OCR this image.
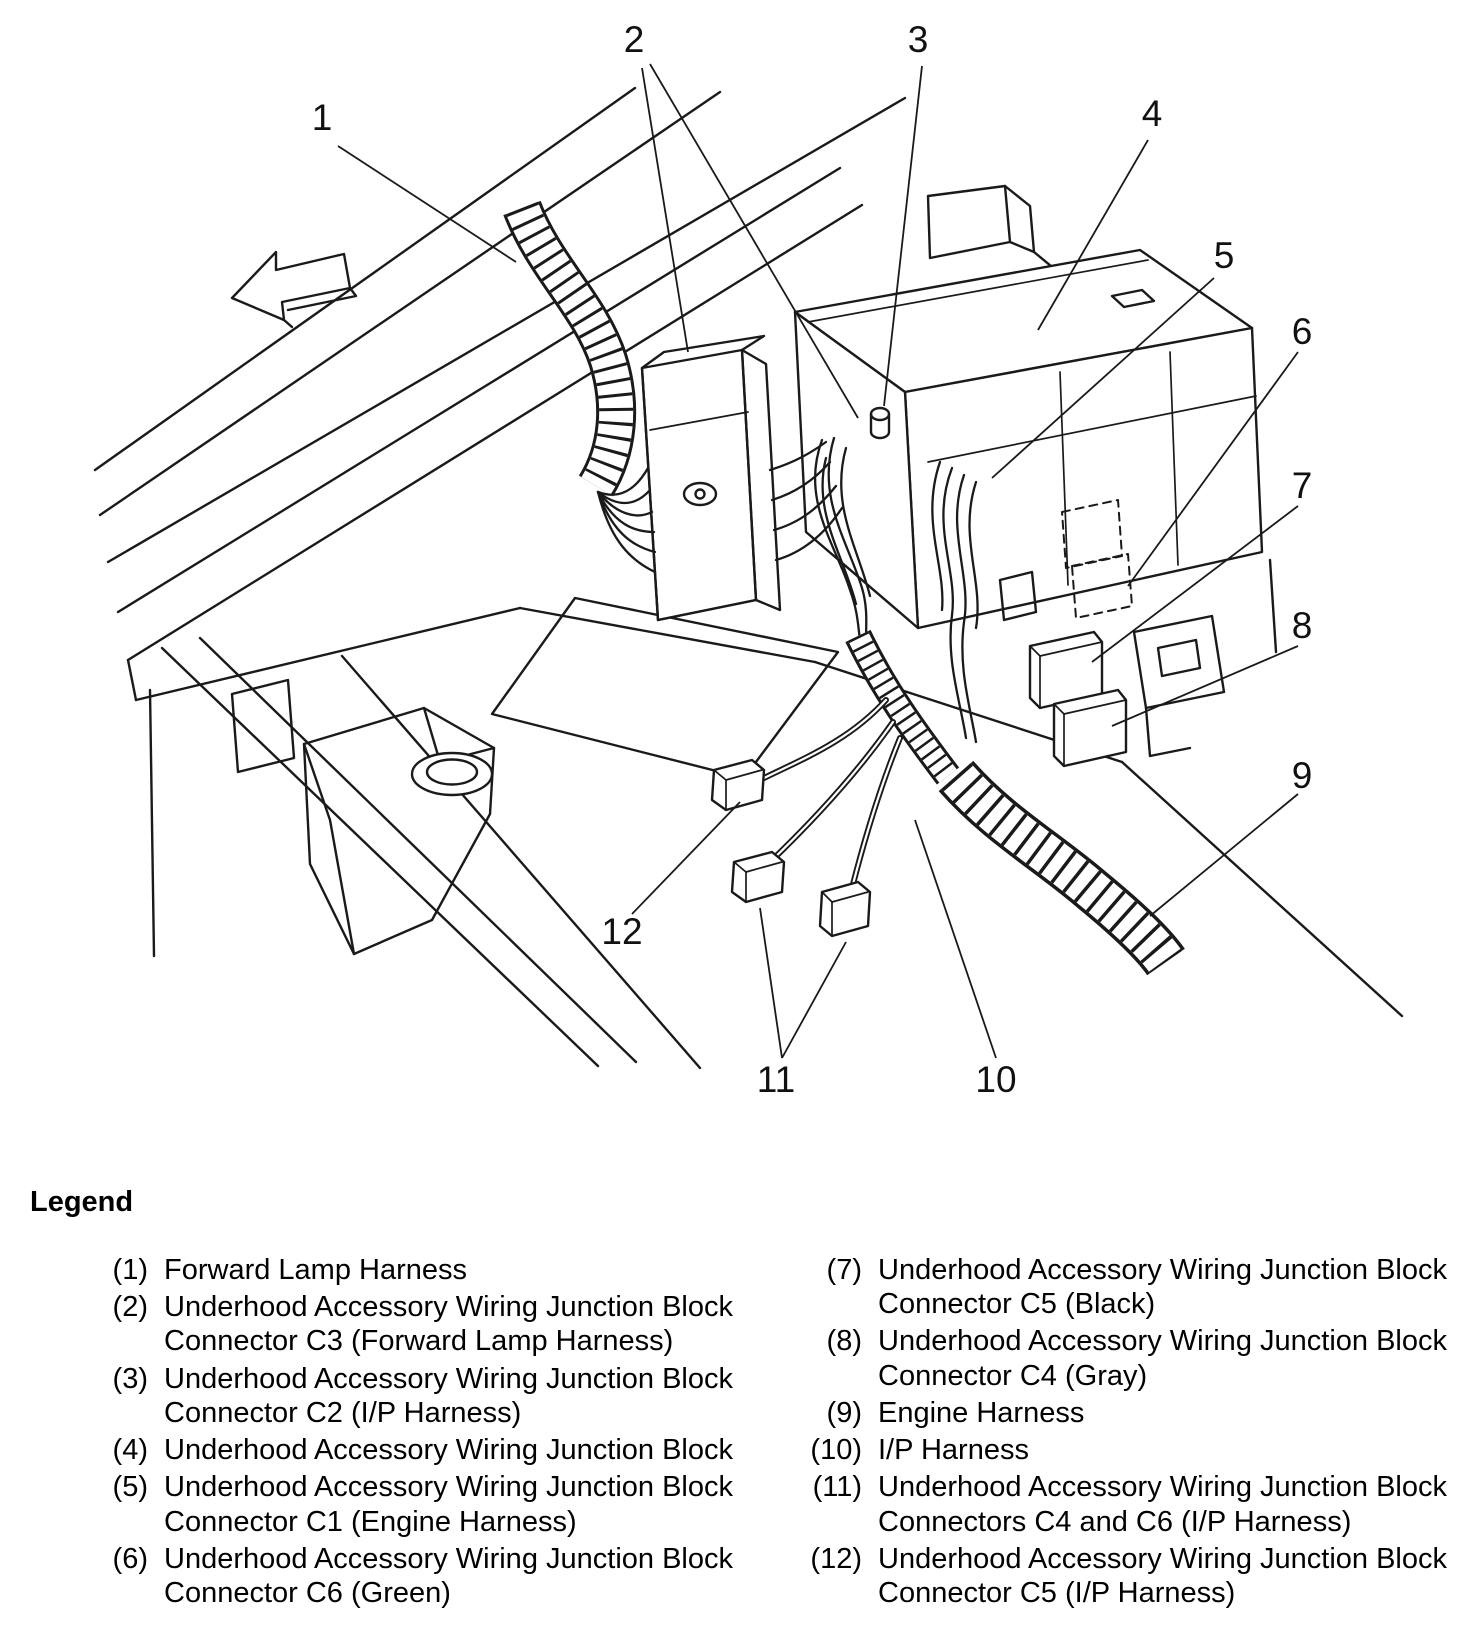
1
2	3
4
5
6
7
8
9
10
11
12
Legend
(1) Forward Lamp Harness
(2) Underhood Accessory Wiring Junction Block Connector C3 (Forward Lamp Harness)
(3) Underhood Accessory Wiring Junction Block Connector C2 (I/P Harness)
(4) Underhood Accessory Wiring Junction Block
(5) Underhood Accessory Wiring Junction Block Connector C1 (Engine Harness)
(6) Underhood Accessory Wiring Junction Block Connector C6 (Green)
(7) Underhood Accessory Wiring Junction Block Connector C5 (Black)
(8) Underhood Accessory Wiring Junction Block Connector C4 (Gray)
(9) Engine Harness
(10) I/P Harness
(11) Underhood Accessory Wiring Junction Block Connectors C4 and C6 (I/P Harness)
(12) Underhood Accessory Wiring Junction Block Connector C5 (I/P Harness)
